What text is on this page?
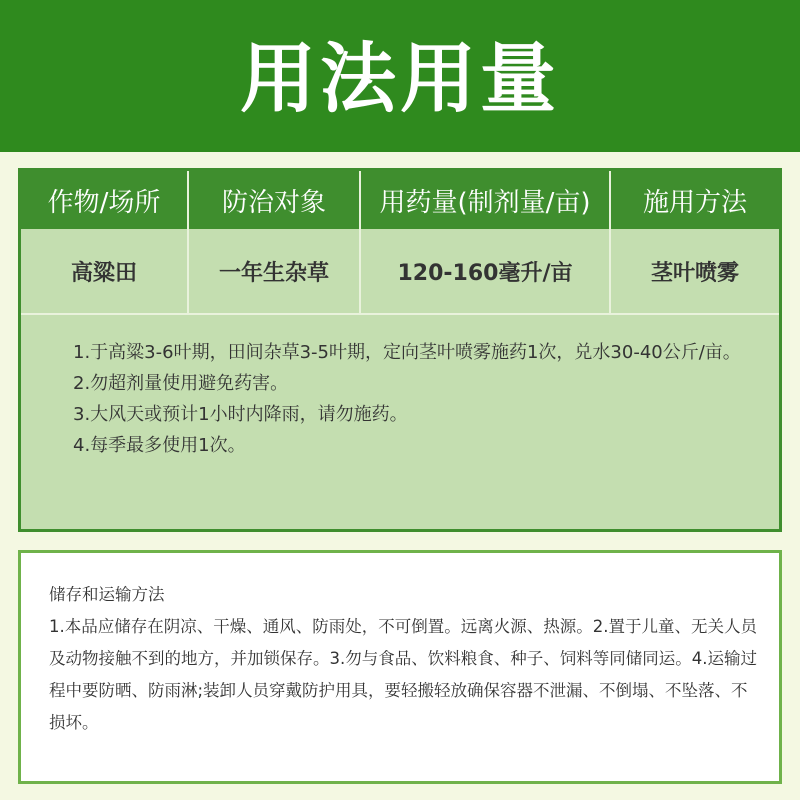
用法用量
作物/场所	防治对象	用药量(制剂量/亩)	施用方法
高粱田	一年生杂草	120-160毫升/亩	茎叶喷雾
1.于高粱3-6叶期，田间杂草3-5叶期，定向茎叶喷雾施药1次，兑水30-40公斤/亩。
2.勿超剂量使用避免药害。
3.大风天或预计1小时内降雨，请勿施药。
4.每季最多使用1次。
储存和运输方法
1.本品应储存在阴凉、干燥、通风、防雨处，不可倒置。远离火源、热源。2.置于儿童、无关人员及动物接触不到的地方，并加锁保存。3.勿与食品、饮料粮食、种子、饲料等同储同运。4.运输过程中要防晒、防雨淋;装卸人员穿戴防护用具，要轻搬轻放确保容器不泄漏、不倒塌、不坠落、不损坏。
